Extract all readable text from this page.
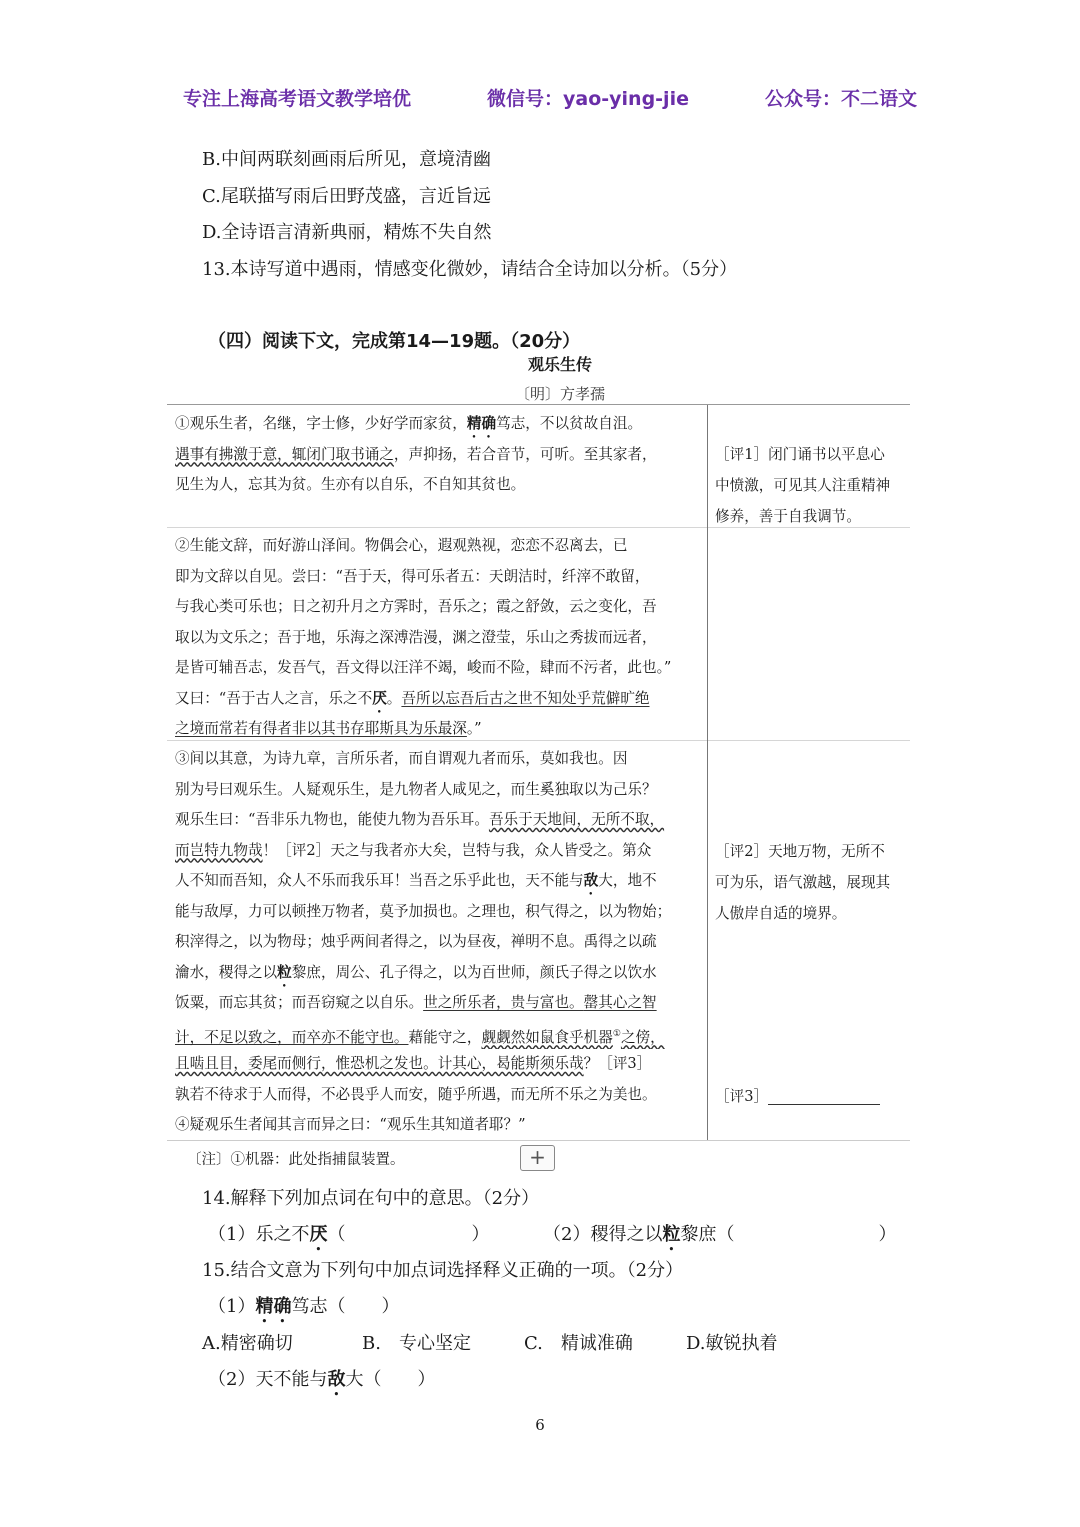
专注上海高考语文教学培优	微信号：yao-ying-jie	公众号：不二语文
B.中间两联刻画雨后所见，意境清幽
C.尾联描写雨后田野茂盛，言近旨远
D.全诗语言清新典丽，精炼不失自然
13.本诗写道中遇雨，情感变化微妙，请结合全诗加以分析。（5分）
（四）阅读下文，完成第14—19题。（20分）
观乐生传
〔明〕方孝孺
①观乐生者，名继，字士修，少好学而家贫，精确笃志，不以贫故自沮。
遇事有拂激于意，辄闭门取书诵之，声抑扬，若合音节，可听。至其家者，
见生为人，忘其为贫。生亦有以自乐，不自知其贫也。
［评1］闭门诵书以平息心
中愤激，可见其人注重精神
修养，善于自我调节。
②生能文辞，而好游山泽间。物偶会心，遐观熟视，恋恋不忍离去，已
即为文辞以自见。尝曰：“吾于天，得可乐者五：天朗洁时，纤滓不敢留，
与我心类可乐也；日之初升月之方霁时，吾乐之；霞之舒敛，云之变化，吾
取以为文乐之；吾于地，乐海之深溥浩漫，渊之澄莹，乐山之秀拔而远者，
是皆可辅吾志，发吾气，吾文得以汪洋不竭，峻而不险，肆而不污者，此也。”
又曰：“吾于古人之言，乐之不厌。吾所以忘吾后古之世不知处乎荒僻旷绝
之境而常若有得者非以其书存耶斯具为乐最深。”
③间以其意，为诗九章，言所乐者，而自谓观九者而乐，莫如我也。因
别为号曰观乐生。人疑观乐生，是九物者人咸见之，而生奚独取以为己乐？
观乐生曰：“吾非乐九物也，能使九物为吾乐耳。吾乐于天地间，无所不取，
而岂特九物哉！［评2］天之与我者亦大矣，岂特与我，众人皆受之。第众
人不知而吾知，众人不乐而我乐耳！当吾之乐乎此也，天不能与敌大，地不
能与敌厚，力可以顿挫万物者，莫予加损也。之理也，积气得之，以为物始；
积滓得之，以为物母；烛乎两间者得之，以为昼夜，禅明不息。禹得之以疏
瀹水，稷得之以粒黎庶，周公、孔子得之，以为百世师，颜氏子得之以饮水
饭粟，而忘其贫；而吾窃窥之以自乐。世之所乐者，贵与富也。罄其心之智
计，不足以致之，而卒亦不能守也。藉能守之，觑觑然如鼠食乎机器①之傍，
且啮且目，委尾而侧行，惟恐机之发也。计其心，曷能斯须乐哉？［评3］
孰若不待求于人而得，不必畏乎人而安，随乎所遇，而无所不乐之为美也。
④疑观乐生者闻其言而异之曰：“观乐生其知道者耶？”
［评2］天地万物，无所不
可为乐，语气激越，展现其
人傲岸自适的境界。
［评3］
〔注〕①机器：此处指捕鼠装置。	+
14.解释下列加点词在句中的意思。（2分）
（1）乐之不厌（　　　　　　　）	（2）稷得之以粒黎庶（　　　　　　　　）
15.结合文意为下列句中加点词选择释义正确的一项。（2分）
（1）精确笃志（　　）
A.精密确切	B.　专心坚定	C.　精诚准确	D.敏锐执着
（2）天不能与敌大（　　）
6
